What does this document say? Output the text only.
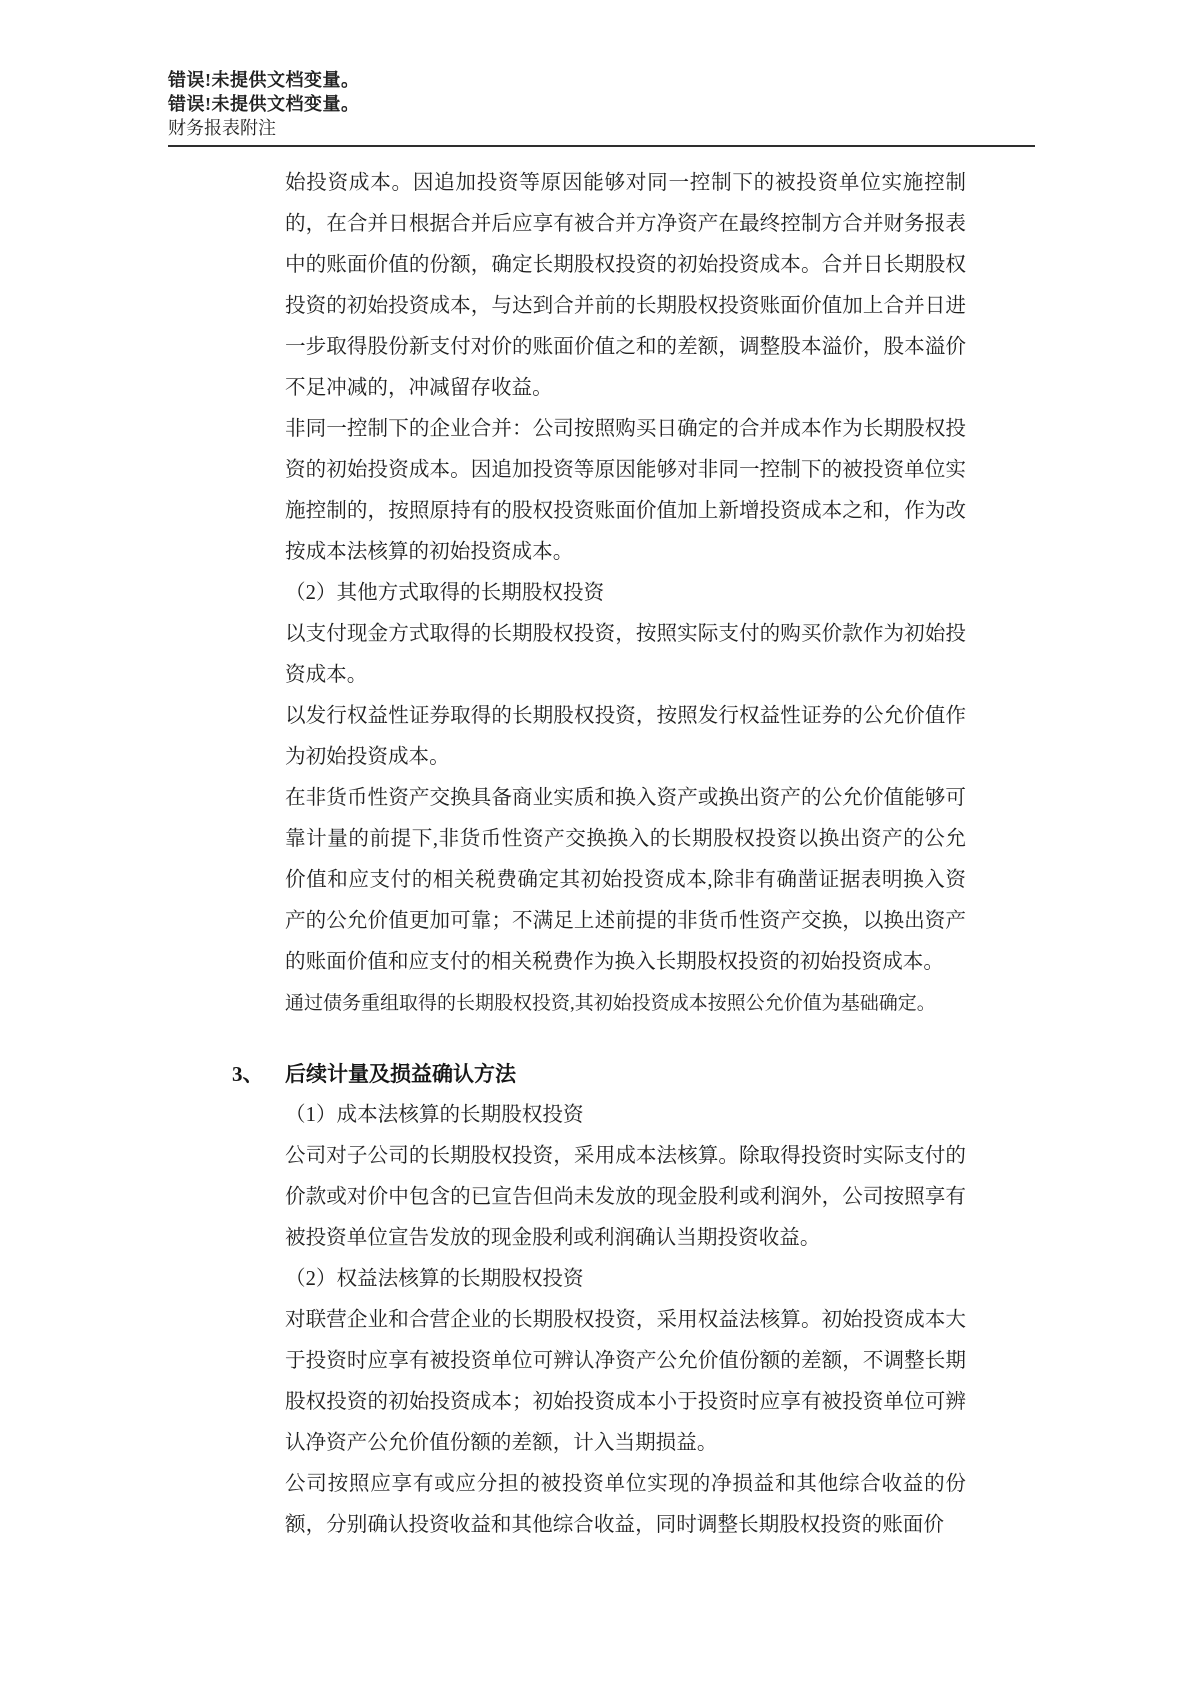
错误!未提供文档变量。
错误!未提供文档变量。
财务报表附注

始投资成本。因追加投资等原因能够对同一控制下的被投资单位实施控制的，在合并日根据合并后应享有被合并方净资产在最终控制方合并财务报表中的账面价值的份额，确定长期股权投资的初始投资成本。合并日长期股权投资的初始投资成本，与达到合并前的长期股权投资账面价值加上合并日进一步取得股份新支付对价的账面价值之和的差额，调整股本溢价，股本溢价不足冲减的，冲减留存收益。

非同一控制下的企业合并：公司按照购买日确定的合并成本作为长期股权投资的初始投资成本。因追加投资等原因能够对非同一控制下的被投资单位实施控制的，按照原持有的股权投资账面价值加上新增投资成本之和，作为改按成本法核算的初始投资成本。

（2）其他方式取得的长期股权投资

以支付现金方式取得的长期股权投资，按照实际支付的购买价款作为初始投资成本。

以发行权益性证券取得的长期股权投资，按照发行权益性证券的公允价值作为初始投资成本。

在非货币性资产交换具备商业实质和换入资产或换出资产的公允价值能够可靠计量的前提下,非货币性资产交换换入的长期股权投资以换出资产的公允价值和应支付的相关税费确定其初始投资成本,除非有确凿证据表明换入资产的公允价值更加可靠；不满足上述前提的非货币性资产交换，以换出资产的账面价值和应支付的相关税费作为换入长期股权投资的初始投资成本。

通过债务重组取得的长期股权投资,其初始投资成本按照公允价值为基础确定。

3、 后续计量及损益确认方法

（1）成本法核算的长期股权投资

公司对子公司的长期股权投资，采用成本法核算。除取得投资时实际支付的价款或对价中包含的已宣告但尚未发放的现金股利或利润外，公司按照享有被投资单位宣告发放的现金股利或利润确认当期投资收益。

（2）权益法核算的长期股权投资

对联营企业和合营企业的长期股权投资，采用权益法核算。初始投资成本大于投资时应享有被投资单位可辨认净资产公允价值份额的差额，不调整长期股权投资的初始投资成本；初始投资成本小于投资时应享有被投资单位可辨认净资产公允价值份额的差额，计入当期损益。

公司按照应享有或应分担的被投资单位实现的净损益和其他综合收益的份额，分别确认投资收益和其他综合收益，同时调整长期股权投资的账面价
